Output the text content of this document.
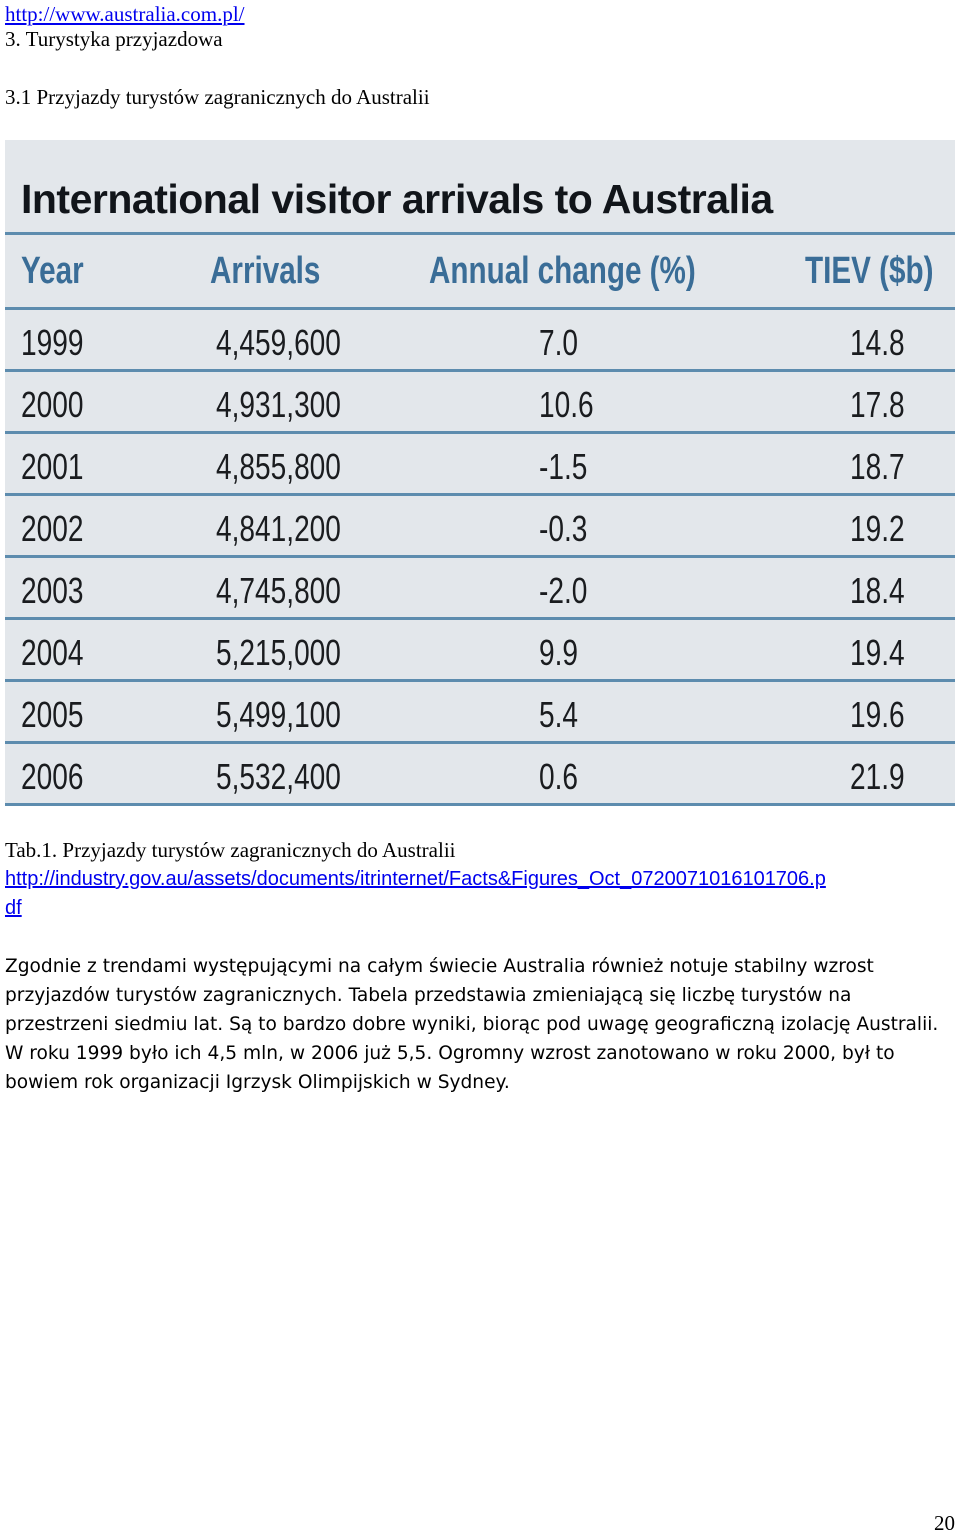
http://www.australia.com.pl/
3. Turystyka przyjazdowa
3.1 Przyjazdy turystów zagranicznych do Australii
International visitor arrivals to Australia
Year	Arrivals	Annual change (%)	TIEV ($b)
1999	4,459,600	7.0	14.8
2000	4,931,300	10.6	17.8
2001	4,855,800	-1.5	18.7
2002	4,841,200	-0.3	19.2
2003	4,745,800	-2.0	18.4
2004	5,215,000	9.9	19.4
2005	5,499,100	5.4	19.6
2006	5,532,400	0.6	21.9
Tab.1. Przyjazdy turystów zagranicznych do Australii
http://industry.gov.au/assets/documents/itrinternet/Facts&Figures_Oct_0720071016101706.p
df

Zgodnie z trendami występującymi na całym świecie Australia również notuje stabilny wzrost przyjazdów turystów zagranicznych. Tabela przedstawia zmieniającą się liczbę turystów na przestrzeni siedmiu lat. Są to bardzo dobre wyniki, biorąc pod uwagę geograficzną izolację Australii. W roku 1999 było ich 4,5 mln, w 2006 już 5,5. Ogromny wzrost zanotowano w roku 2000, był to bowiem rok organizacji Igrzysk Olimpijskich w Sydney.

20
